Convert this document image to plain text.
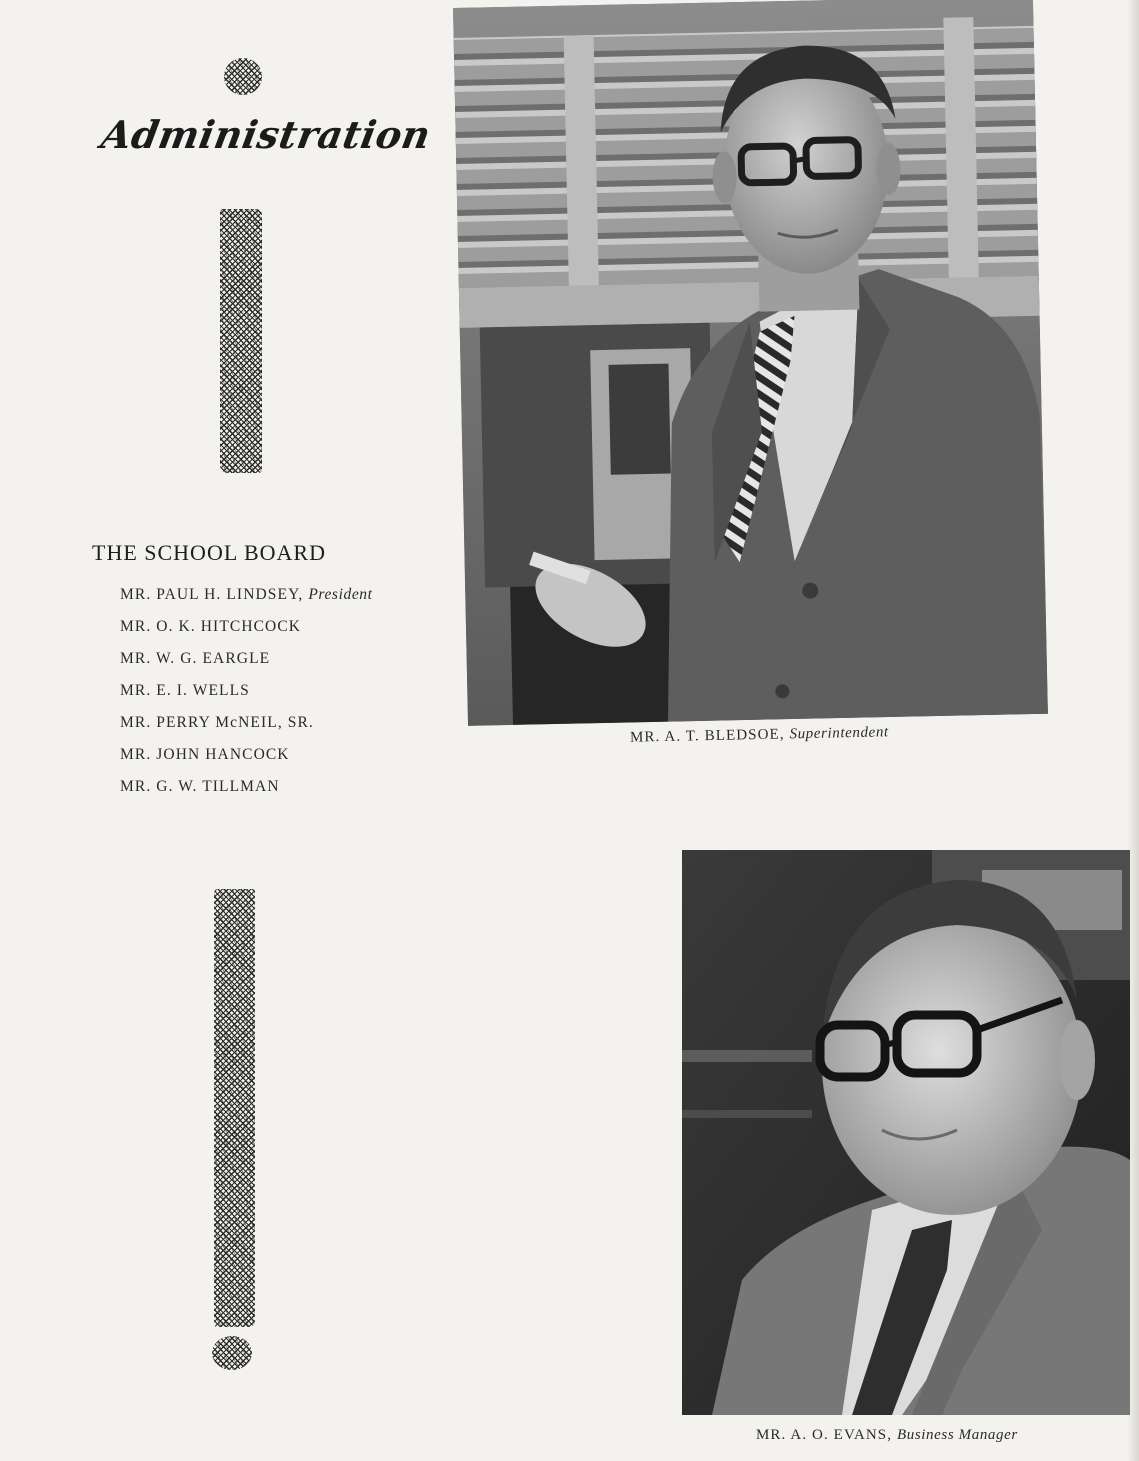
Administration
THE SCHOOL BOARD
MR. PAUL H. LINDSEY, President
MR. O. K. HITCHCOCK
MR. W. G. EARGLE
MR. E. I. WELLS
MR. PERRY McNEIL, SR.
MR. JOHN HANCOCK
MR. G. W. TILLMAN
MR. A. T. BLEDSOE, Superintendent
MR. A. O. EVANS, Business Manager
